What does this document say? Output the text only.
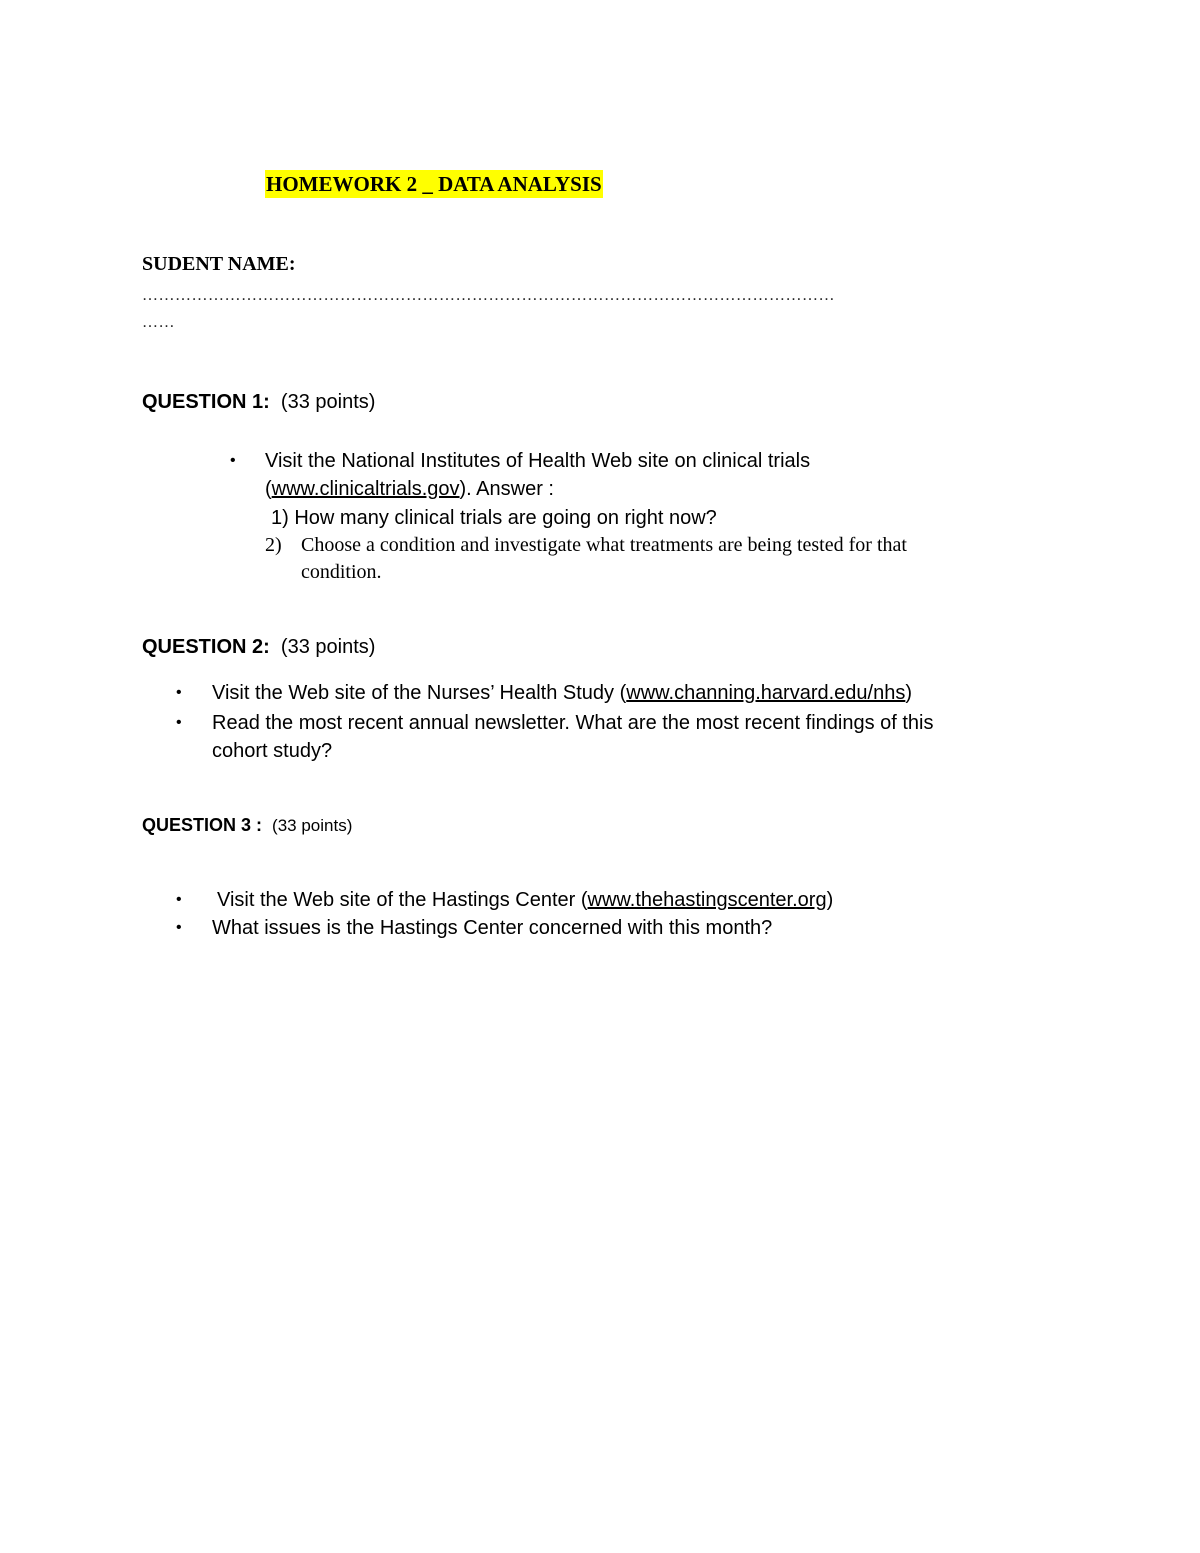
HOMEWORK 2 _ DATA ANALYSIS
SUDENT NAME:
………………………………………………………………………………………………………………
……
QUESTION 1: (33 points)
• Visit the National Institutes of Health Web site on clinical trials
(www.clinicaltrials.gov). Answer :
1) How many clinical trials are going on right now?
2) Choose a condition and investigate what treatments are being tested for that
condition.
QUESTION 2: (33 points)
• Visit the Web site of the Nurses’ Health Study (www.channing.harvard.edu/nhs)
• Read the most recent annual newsletter. What are the most recent findings of this
cohort study?
QUESTION 3 : (33 points)
• Visit the Web site of the Hastings Center (www.thehastingscenter.org)
• What issues is the Hastings Center concerned with this month?
